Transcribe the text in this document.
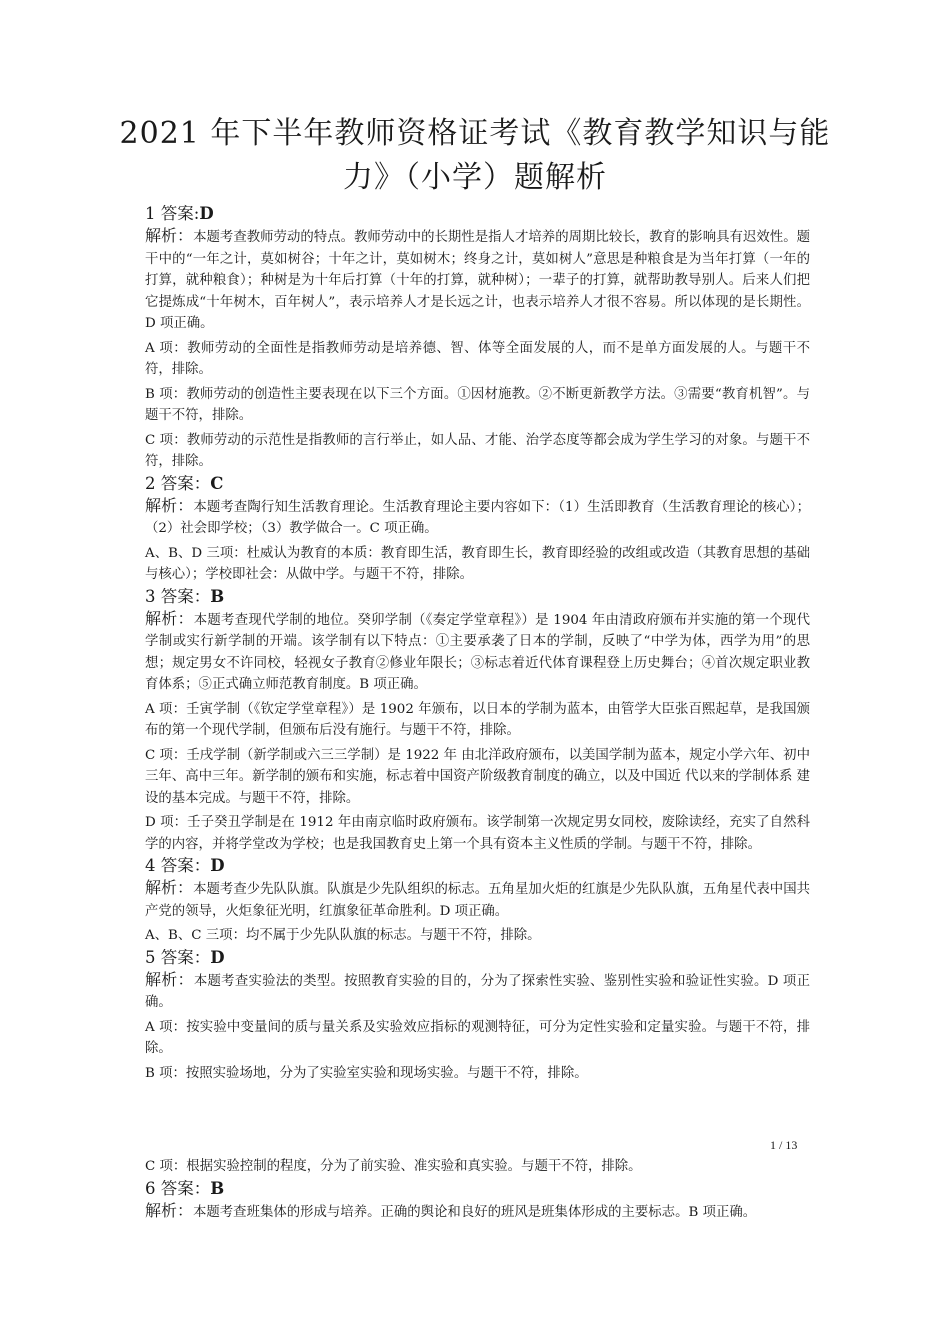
2021 年下半年教师资格证考试《教育教学知识与能
力》（小学）题解析
1 答案:D

解析：本题考查教师劳动的特点。教师劳动中的长期性是指人才培养的周期比较长，教育的影响具有迟效性。题干中的“一年之计，莫如树谷；十年之计，莫如树木；终身之计，莫如树人”意思是种粮食是为当年打算（一年的打算，就种粮食）；种树是为十年后打算（十年的打算，就种树）；一辈子的打算，就帮助教导别人。后来人们把它提炼成“十年树木，百年树人”，表示培养人才是长远之计，也表示培养人才很不容易。所以体现的是长期性。D 项正确。

A 项：教师劳动的全面性是指教师劳动是培养德、智、体等全面发展的人，而不是单方面发展的人。与题干不符，排除。

B 项：教师劳动的创造性主要表现在以下三个方面。①因材施教。②不断更新教学方法。③需要“教育机智”。与题干不符，排除。

C 项：教师劳动的示范性是指教师的言行举止，如人品、才能、治学态度等都会成为学生学习的对象。与题干不符，排除。

2 答案：C

解析：本题考查陶行知生活教育理论。生活教育理论主要内容如下：（1）生活即教育（生活教育理论的核心）；（2）社会即学校；（3）教学做合一。C 项正确。

A、B、D 三项：杜威认为教育的本质：教育即生活，教育即生长，教育即经验的改组或改造（其教育思想的基础与核心）；学校即社会：从做中学。与题干不符，排除。

3 答案：B

解析：本题考查现代学制的地位。癸卯学制（《奏定学堂章程》）是 1904 年由清政府颁布并实施的第一个现代学制或实行新学制的开端。该学制有以下特点：①主要承袭了日本的学制，反映了“中学为体，西学为用”的思想；规定男女不许同校，轻视女子教育②修业年限长；③标志着近代体育课程登上历史舞台；④首次规定职业教育体系；⑤正式确立师范教育制度。B 项正确。

A 项：壬寅学制（《钦定学堂章程》）是 1902 年颁布，以日本的学制为蓝本，由管学大臣张百熙起草，是我国颁布的第一个现代学制，但颁布后没有施行。与题干不符，排除。

C 项：壬戌学制（新学制或六三三学制）是 1922 年 由北洋政府颁布，以美国学制为蓝本，规定小学六年、初中三年、高中三年。新学制的颁布和实施，标志着中国资产阶级教育制度的确立，以及中国近 代以来的学制体系 建设的基本完成。与题干不符，排除。

D 项：壬子癸丑学制是在 1912 年由南京临时政府颁布。该学制第一次规定男女同校，废除读经，充实了自然科学的内容，并将学堂改为学校；也是我国教育史上第一个具有资本主义性质的学制。与题干不符，排除。

4 答案：D

解析：本题考查少先队队旗。队旗是少先队组织的标志。五角星加火炬的红旗是少先队队旗，五角星代表中国共产党的领导，火炬象征光明，红旗象征革命胜利。D 项正确。

A、B、C 三项：均不属于少先队队旗的标志。与题干不符，排除。

5 答案：D

解析：本题考查实验法的类型。按照教育实验的目的，分为了探索性实验、鉴别性实验和验证性实验。D 项正确。

A 项：按实验中变量间的质与量关系及实验效应指标的观测特征，可分为定性实验和定量实验。与题干不符，排除。

B 项：按照实验场地，分为了实验室实验和现场实验。与题干不符，排除。

1 / 13

C 项：根据实验控制的程度，分为了前实验、准实验和真实验。与题干不符，排除。

6 答案：B

解析：本题考查班集体的形成与培养。正确的舆论和良好的班风是班集体形成的主要标志。B 项正确。
